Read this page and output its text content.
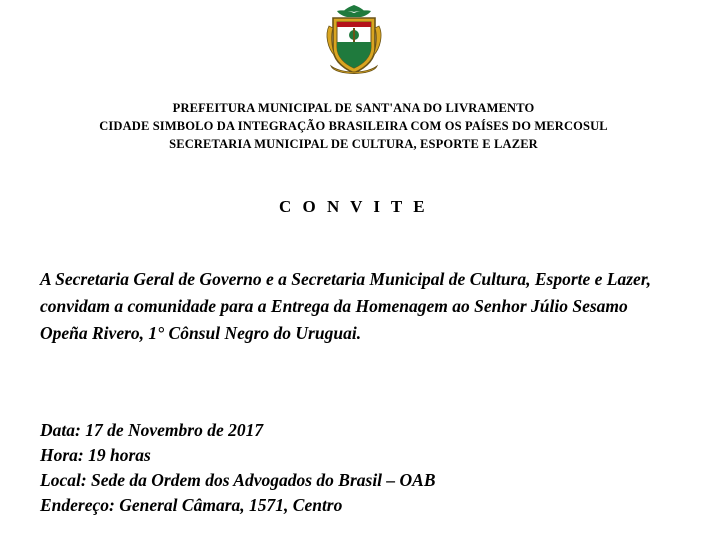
PREFEITURA MUNICIPAL DE SANT'ANA DO LIVRAMENTO
CIDADE SIMBOLO DA INTEGRAÇÃO BRASILEIRA COM OS PAÍSES DO MERCOSUL
SECRETARIA MUNICIPAL DE CULTURA, ESPORTE E LAZER
C O N V I T E
A Secretaria Geral de Governo e a Secretaria Municipal de Cultura, Esporte e Lazer, convidam a comunidade para a Entrega da Homenagem ao Senhor Júlio Sesamo Opeña Rivero, 1° Cônsul Negro do Uruguai.
Data: 17 de Novembro de 2017
Hora: 19 horas
Local: Sede da Ordem dos Advogados do Brasil – OAB
Endereço: General Câmara, 1571, Centro
